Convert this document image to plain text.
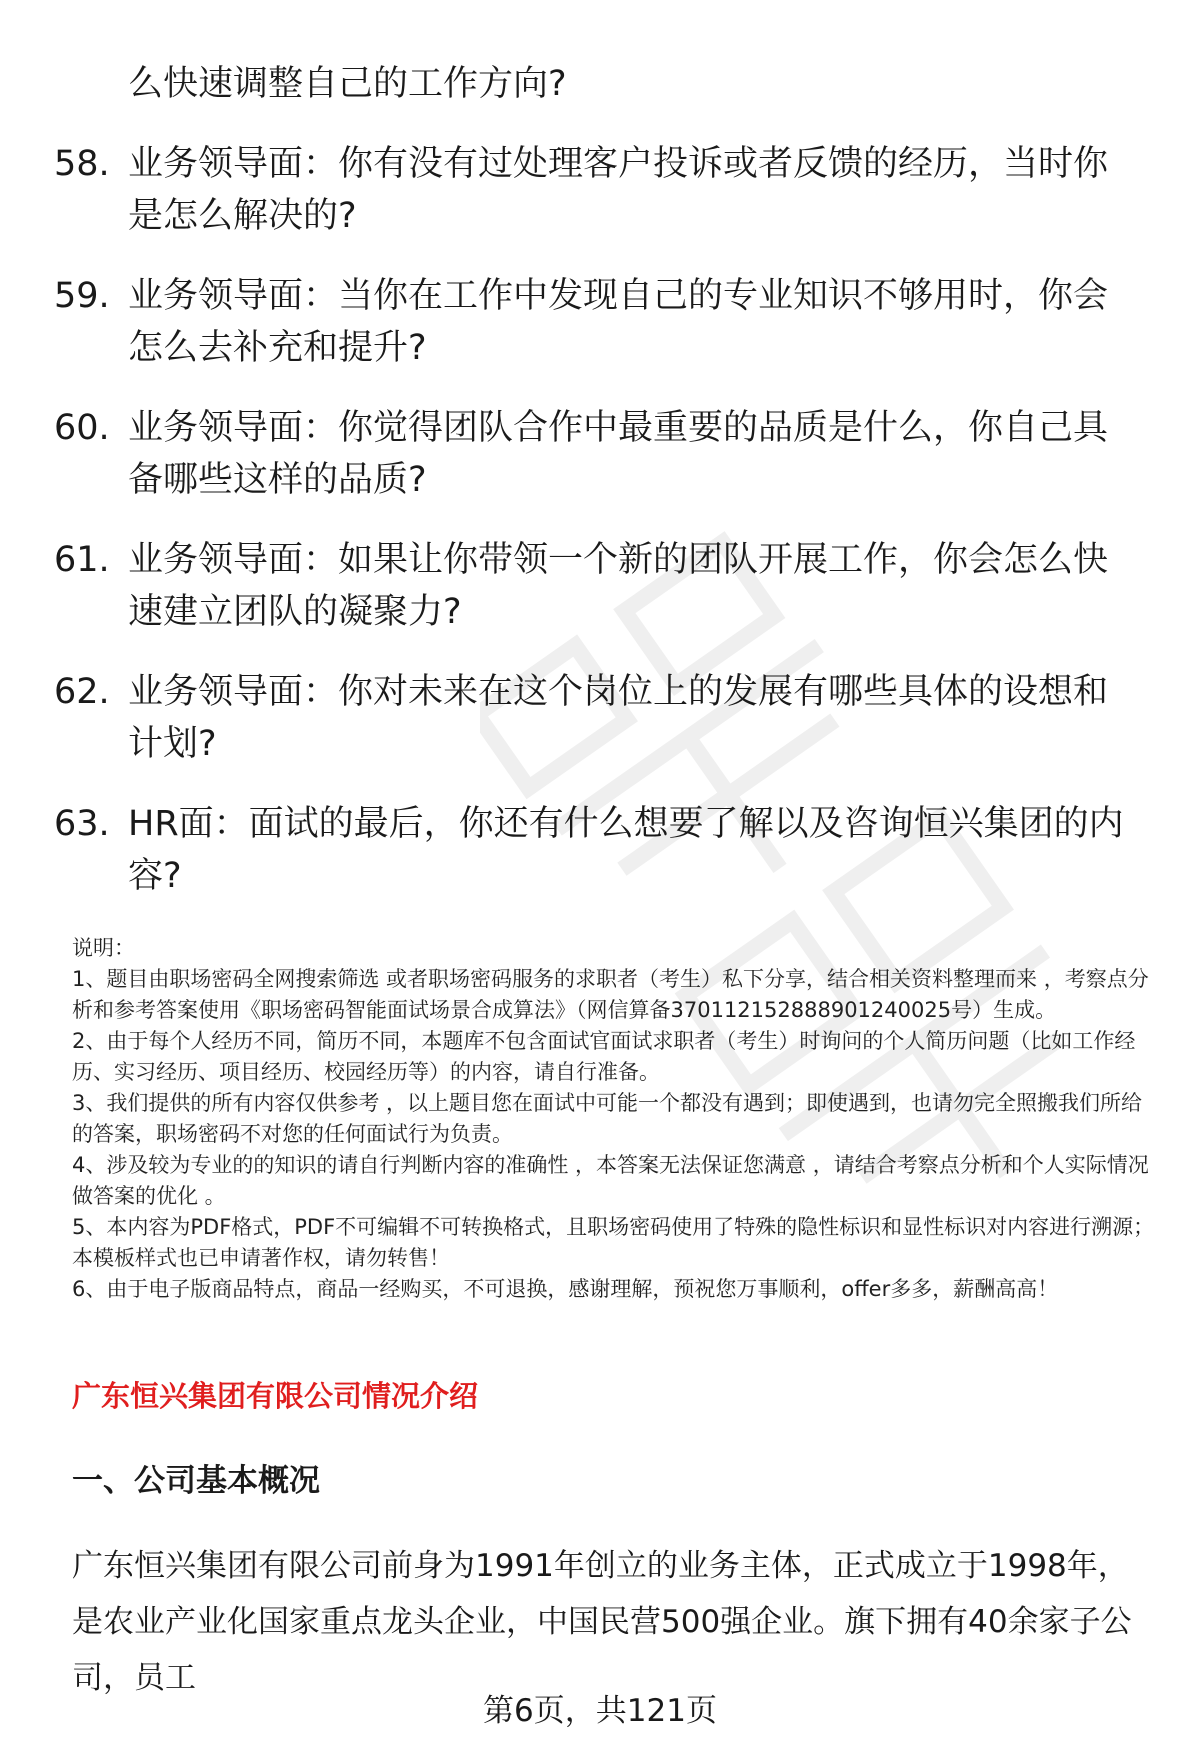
么快速调整自己的工作方向?

58. 业务领导面：你有没有过处理客户投诉或者反馈的经历，当时你是怎么解决的?
59. 业务领导面：当你在工作中发现自己的专业知识不够用时，你会怎么去补充和提升?
60. 业务领导面：你觉得团队合作中最重要的品质是什么，你自己具备哪些这样的品质?
61. 业务领导面：如果让你带领一个新的团队开展工作，你会怎么快速建立团队的凝聚力?
62. 业务领导面：你对未来在这个岗位上的发展有哪些具体的设想和计划?
63. HR面：面试的最后，你还有什么想要了解以及咨询恒兴集团的内容?

说明：

1、题目由职场密码全网搜索筛选 或者职场密码服务的求职者（考生）私下分享，结合相关资料整理而来 ，考察点分析和参考答案使用《职场密码智能面试场景合成算法》（网信算备370112152888901240025号）生成。

2、由于每个人经历不同，简历不同，本题库不包含面试官面试求职者（考生）时询问的个人简历问题（比如工作经历、实习经历、项目经历、校园经历等）的内容，请自行准备。

3、我们提供的所有内容仅供参考 ，以上题目您在面试中可能一个都没有遇到；即使遇到，也请勿完全照搬我们所给的答案，职场密码不对您的任何面试行为负责。

4、涉及较为专业的的知识的请自行判断内容的准确性 ，本答案无法保证您满意 ，请结合考察点分析和个人实际情况做答案的优化 。

5、本内容为PDF格式，PDF不可编辑不可转换格式，且职场密码使用了特殊的隐性标识和显性标识对内容进行溯源；本模板样式也已申请著作权，请勿转售！

6、由于电子版商品特点，商品一经购买，不可退换，感谢理解，预祝您万事顺利，offer多多，薪酬高高！

广东恒兴集团有限公司情况介绍
一、公司基本概况

广东恒兴集团有限公司前身为1991年创立的业务主体，正式成立于1998年，是农业产业化国家重点龙头企业，中国民营500强企业。旗下拥有40余家子公司，员工

第6页，共121页
